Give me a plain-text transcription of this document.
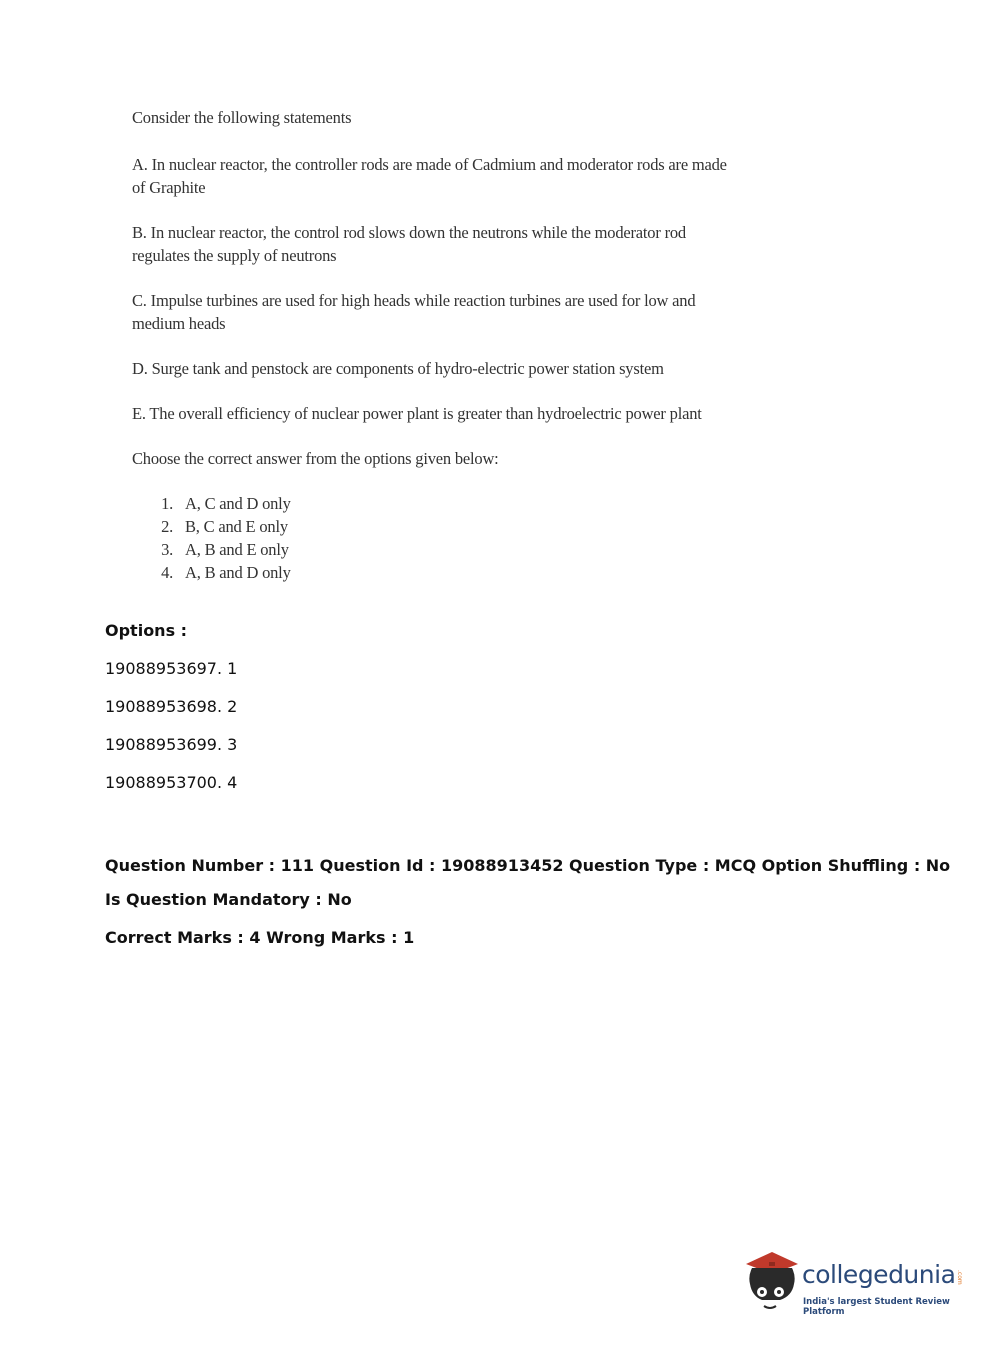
Consider the following statements

A. In nuclear reactor, the controller rods are made of Cadmium and moderator rods are made of Graphite

B. In nuclear reactor, the control rod slows down the neutrons while the moderator rod regulates the supply of neutrons

C. Impulse turbines are used for high heads while reaction turbines are used for low and medium heads

D. Surge tank and penstock are components of hydro-electric power station system

E. The overall efficiency of nuclear power plant is greater than hydroelectric power plant

Choose the correct answer from the options given below:

1. A, C and D only
2. B, C and E only
3. A, B and E only
4. A, B and D only
Options :
19088953697. 1
19088953698. 2
19088953699. 3
19088953700. 4
Question Number : 111 Question Id : 19088913452 Question Type : MCQ Option Shuffling : No
Is Question Mandatory : No
Correct Marks : 4 Wrong Marks : 1
collegedunia .com
India's largest Student Review Platform
